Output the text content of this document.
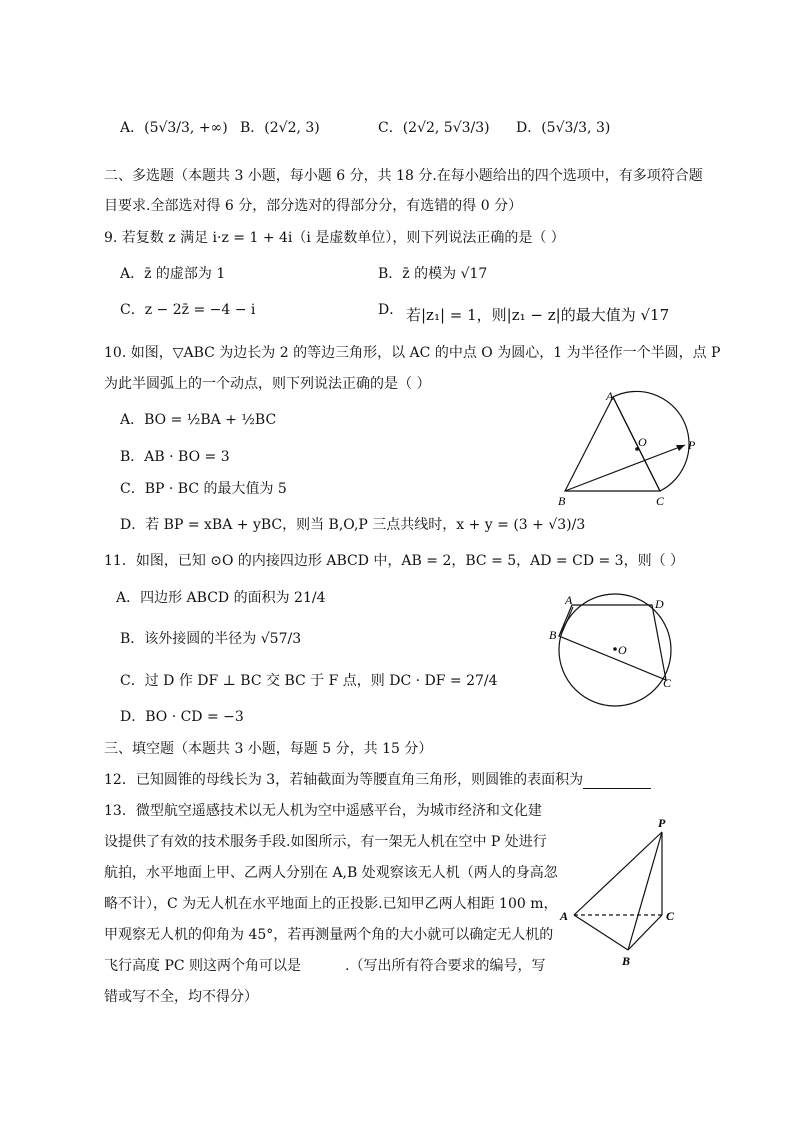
A．(5√3/3, +∞) B．(2√2, 3)	C．(2√2, 5√3/3) D．(5√3/3, 3)
二、多选题（本题共 3 小题，每小题 6 分，共 18 分.在每小题给出的四个选项中，有多项符合题
目要求.全部选对得 6 分，部分选对的得部分分，有选错的得 0 分）
9. 若复数 z 满足 i·z = 1 + 4i（i 是虚数单位），则下列说法正确的是（ ）
A．z̄ 的虚部为 1	B．z̄ 的模为 √17
C．z − 2z̄ = −4 − i	D． 若|z₁| = 1，则|z₁ − z|的最大值为 √17
10. 如图，▽ABC 为边长为 2 的等边三角形，以 AC 的中点 O 为圆心，1 为半径作一个半圆，点 P
为此半圆弧上的一个动点，则下列说法正确的是（ ）
A．BO = ½BA + ½BC
B．AB · BO = 3
C．BP · BC 的最大值为 5
D．若 BP = xBA + yBC，则当 B,O,P 三点共线时，x + y = (3 + √3)/3
A
B	C
O	P
11．如图，已知 ⊙O 的内接四边形 ABCD 中，AB = 2，BC = 5，AD = CD = 3，则（ ）
A．四边形 ABCD 的面积为 21/4
B．该外接圆的半径为 √57/3
C．过 D 作 DF ⊥ BC 交 BC 于 F 点，则 DC · DF = 27/4
D．BO · CD = −3
A	D
B
C
O
三、填空题（本题共 3 小题，每题 5 分，共 15 分）
12．已知圆锥的母线长为 3，若轴截面为等腰直角三角形，则圆锥的表面积为
13．微型航空遥感技术以无人机为空中遥感平台，为城市经济和文化建
设提供了有效的技术服务手段.如图所示，有一架无人机在空中 P 处进行
航拍，水平地面上甲、乙两人分别在 A,B 处观察该无人机（两人的身高忽
略不计），C 为无人机在水平地面上的正投影.已知甲乙两人相距 100 m，
甲观察无人机的仰角为 45°，若再测量两个角的大小就可以确定无人机的
飞行高度 PC 则这两个角可以是	.（写出所有符合要求的编号，写
错或写不全，均不得分）
P
A	C
B
